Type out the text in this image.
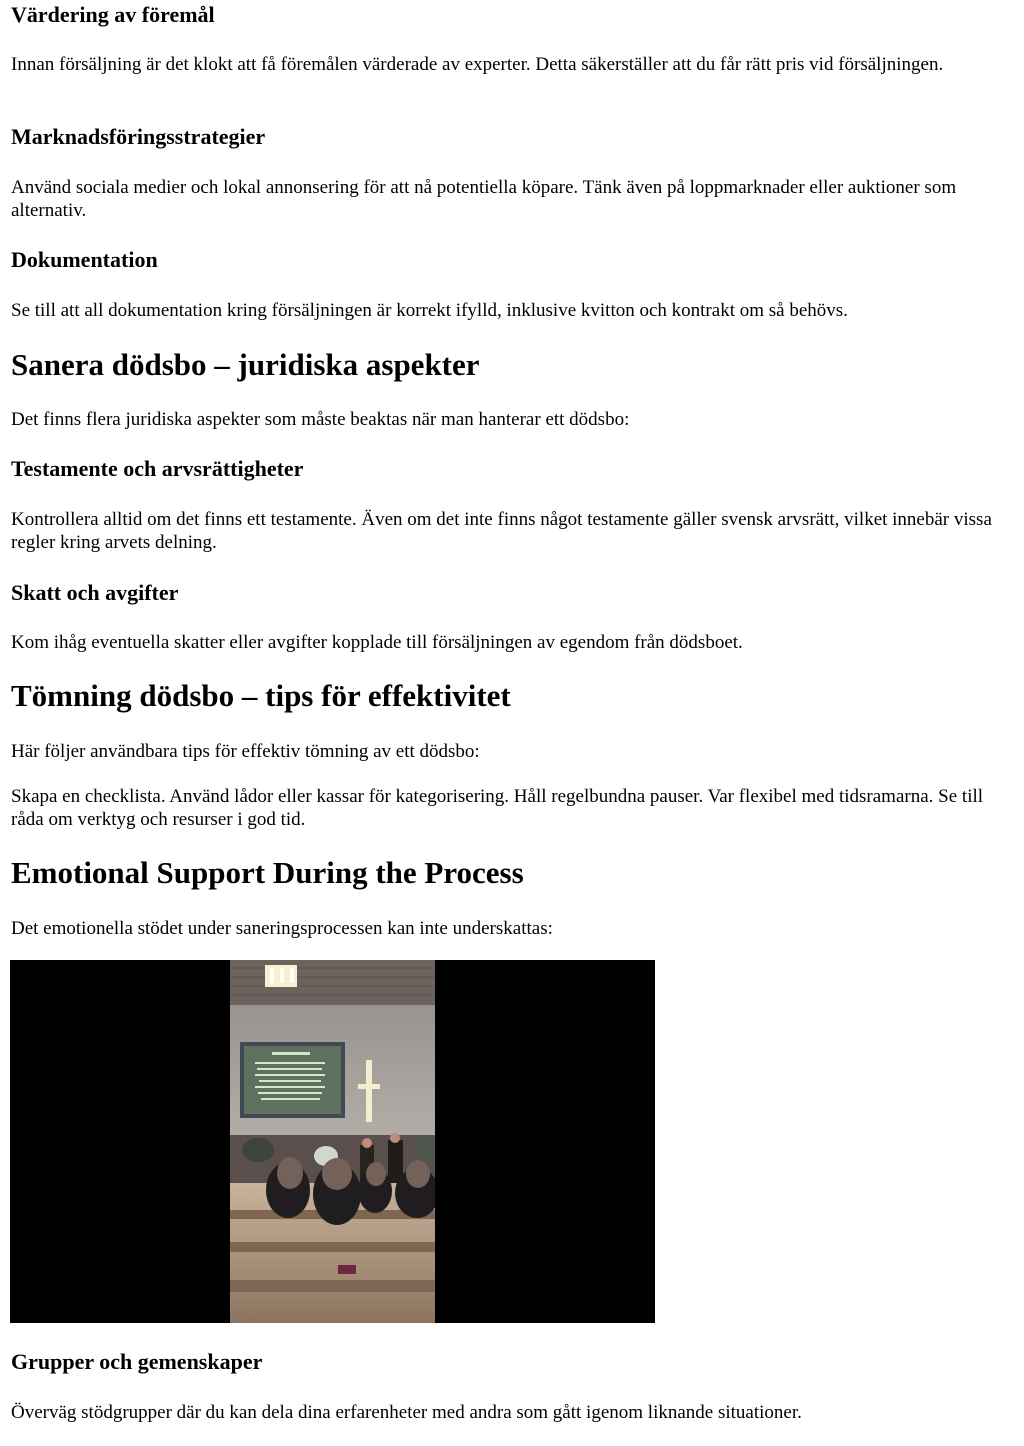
Värdering av föremål

Innan försäljning är det klokt att få föremålen värderade av experter. Detta säkerställer att du får rätt pris vid försäljningen.

Marknadsföringsstrategier

Använd sociala medier och lokal annonsering för att nå potentiella köpare. Tänk även på loppmarknader eller auktioner som alternativ.

Dokumentation

Se till att all dokumentation kring försäljningen är korrekt ifylld, inklusive kvitton och kontrakt om så behövs.

Sanera dödsbo – juridiska aspekter

Det finns flera juridiska aspekter som måste beaktas när man hanterar ett dödsbo:

Testamente och arvsrättigheter

Kontrollera alltid om det finns ett testamente. Även om det inte finns något testamente gäller svensk arvsrätt, vilket innebär vissa regler kring arvets delning.

Skatt och avgifter

Kom ihåg eventuella skatter eller avgifter kopplade till försäljningen av egendom från dödsboet.

Tömning dödsbo – tips för effektivitet

Här följer användbara tips för effektiv tömning av ett dödsbo:

Skapa en checklista. Använd lådor eller kassar för kategorisering. Håll regelbundna pauser. Var flexibel med tidsramarna. Se till råda om verktyg och resurser i god tid.

Emotional Support During the Process

Det emotionella stödet under saneringsprocessen kan inte underskattas:

Grupper och gemenskaper

Överväg stödgrupper där du kan dela dina erfarenheter med andra som gått igenom liknande situationer.
